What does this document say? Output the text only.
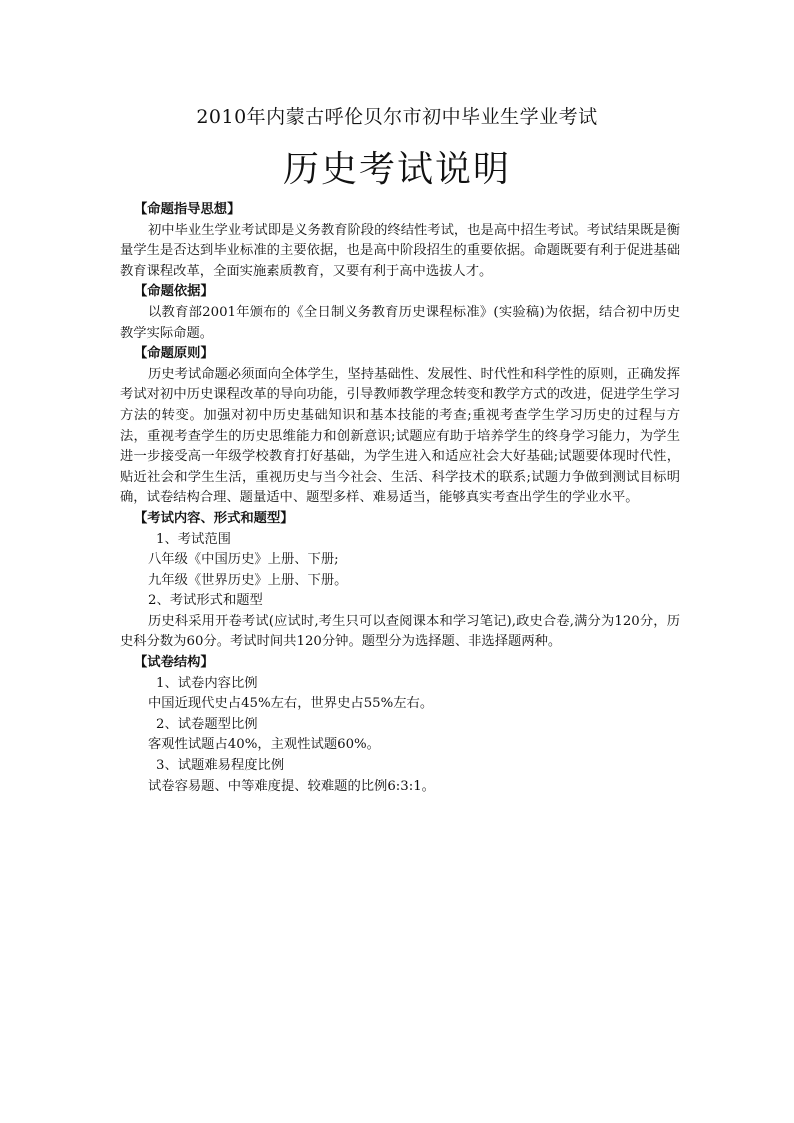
2010年内蒙古呼伦贝尔市初中毕业生学业考试
历史考试说明

【命题指导思想】

初中毕业生学业考试即是义务教育阶段的终结性考试，也是高中招生考试。考试结果既是衡量学生是否达到毕业标准的主要依据，也是高中阶段招生的重要依据。命题既要有利于促进基础教育课程改革，全面实施素质教育，又要有利于高中选拔人才。

【命题依据】

以教育部2001年颁布的《全日制义务教育历史课程标准》(实验稿)为依据，结合初中历史教学实际命题。

【命题原则】

历史考试命题必须面向全体学生，坚持基础性、发展性、时代性和科学性的原则，正确发挥考试对初中历史课程改革的导向功能，引导教师教学理念转变和教学方式的改进，促进学生学习方法的转变。加强对初中历史基础知识和基本技能的考查;重视考查学生学习历史的过程与方法，重视考查学生的历史思维能力和创新意识;试题应有助于培养学生的终身学习能力，为学生进一步接受高一年级学校教育打好基础，为学生进入和适应社会大好基础;试题要体现时代性，贴近社会和学生生活，重视历史与当今社会、生活、科学技术的联系;试题力争做到测试目标明确，试卷结构合理、题量适中、题型多样、难易适当，能够真实考查出学生的学业水平。

【考试内容、形式和题型】

1、考试范围

八年级《中国历史》上册、下册;

九年级《世界历史》上册、下册。

2、考试形式和题型

历史科采用开卷考试(应试时,考生只可以查阅课本和学习笔记),政史合卷,满分为120分，历史科分数为60分。考试时间共120分钟。题型分为选择题、非选择题两种。

【试卷结构】

1、试卷内容比例

中国近现代史占45%左右，世界史占55%左右。

2、试卷题型比例

客观性试题占40%，主观性试题60%。

3、试题难易程度比例

试卷容易题、中等难度提、较难题的比例6:3:1。
